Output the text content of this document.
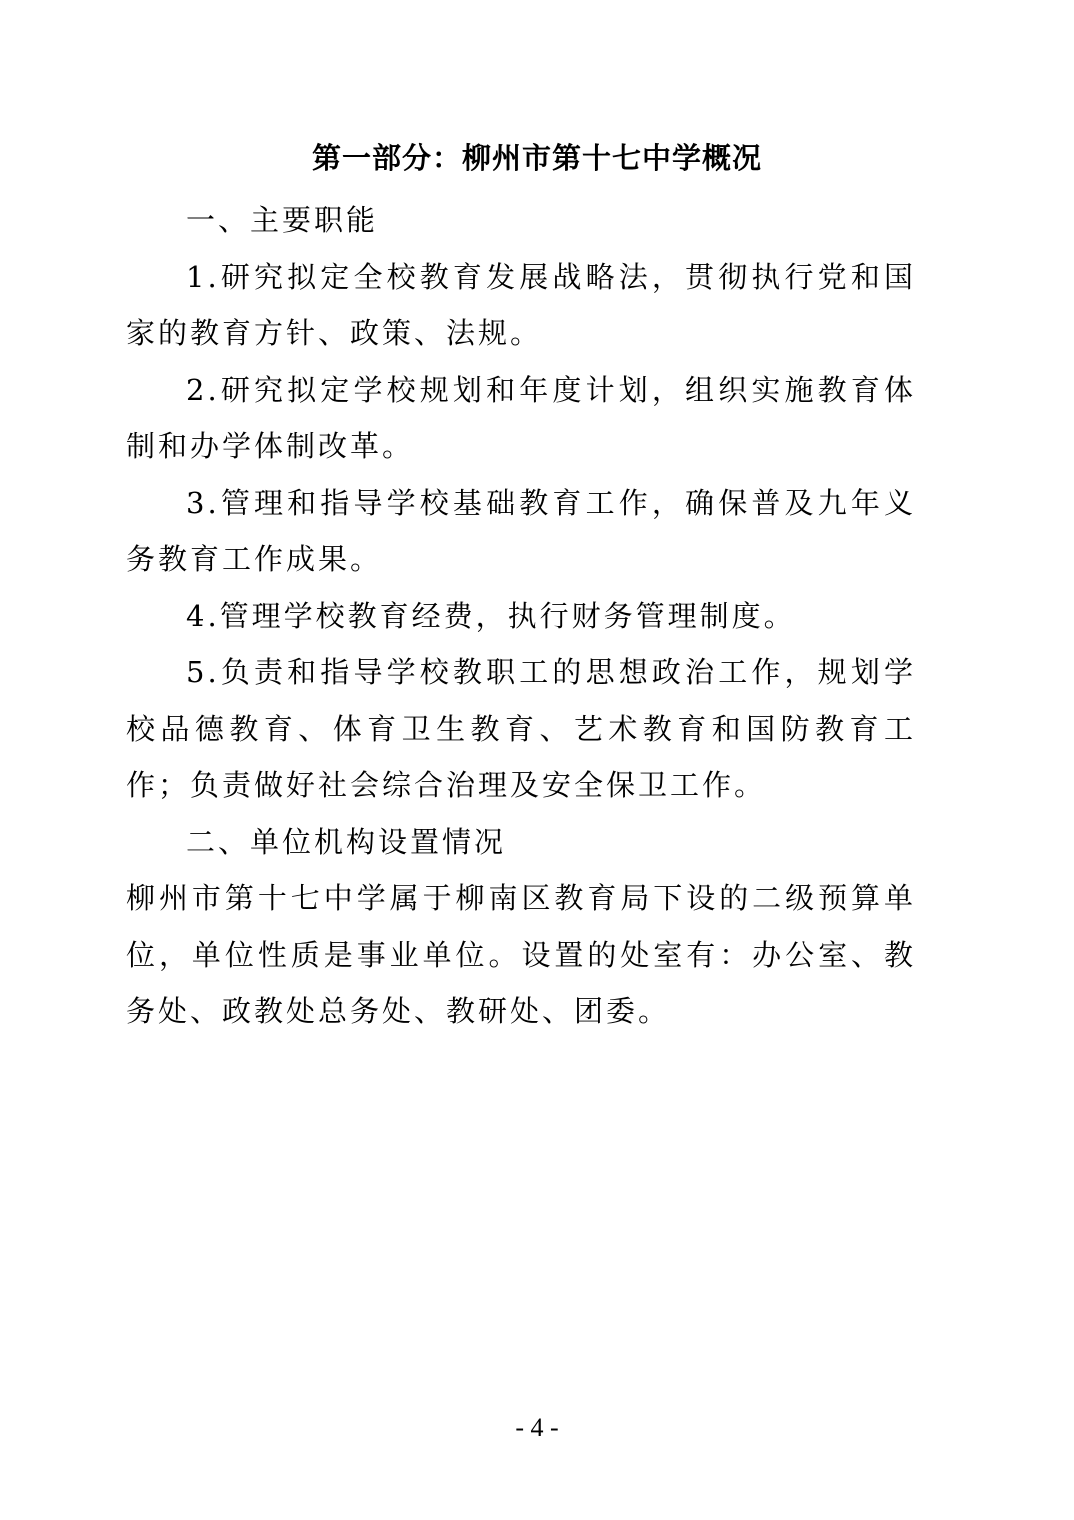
第一部分：柳州市第十七中学概况

一、主要职能

1.研究拟定全校教育发展战略法，贯彻执行党和国家的教育方针、政策、法规。

2.研究拟定学校规划和年度计划，组织实施教育体制和办学体制改革。

3.管理和指导学校基础教育工作，确保普及九年义务教育工作成果。

4.管理学校教育经费，执行财务管理制度。

5.负责和指导学校教职工的思想政治工作，规划学校品德教育、体育卫生教育、艺术教育和国防教育工作；负责做好社会综合治理及安全保卫工作。

二、单位机构设置情况

柳州市第十七中学属于柳南区教育局下设的二级预算单位，单位性质是事业单位。设置的处室有：办公室、教务处、政教处总务处、教研处、团委。

- 4 -
